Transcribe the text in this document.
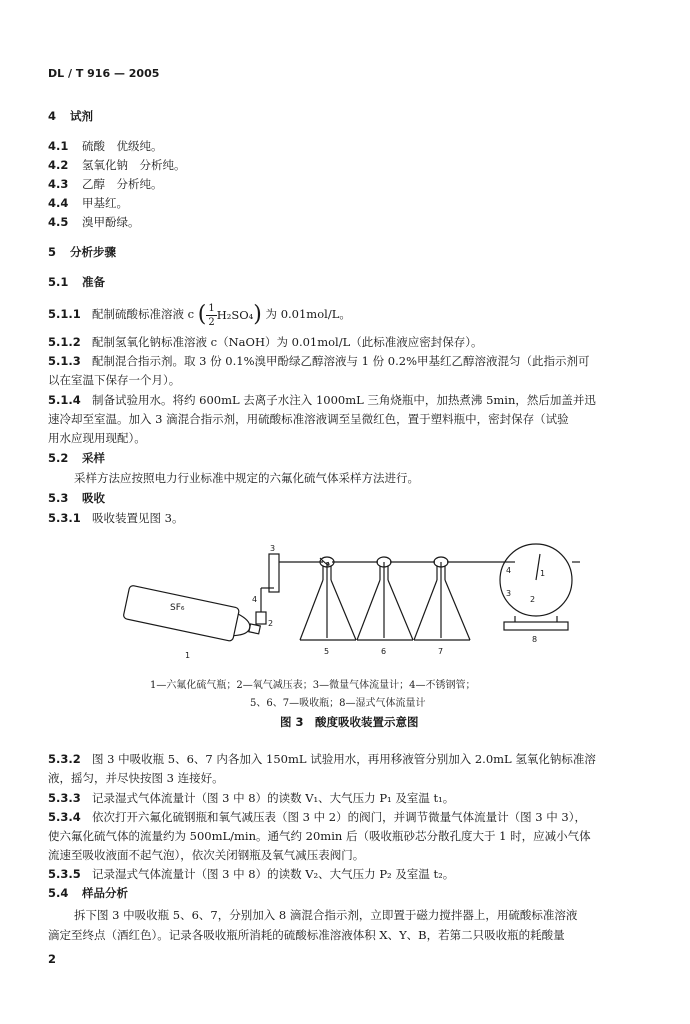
DL / T 916 — 2005
4 试剂
4.1 硫酸　优级纯。
4.2 氢氧化钠　分析纯。
4.3 乙醇　分析纯。
4.4 甲基红。
4.5 溴甲酚绿。
5 分析步骤
5.1 准备
5.1.1 配制硫酸标准溶液 c ( $\frac{1}{2} H_2SO_4$) 为 0.01mol/L。
5.1.2 配制氢氧化钠标准溶液 c（NaOH）为 0.01mol/L（此标准液应密封保存）。
5.1.3 配制混合指示剂。取 3 份 0.1%溴甲酚绿乙醇溶液与 1 份 0.2%甲基红乙醇溶液混匀（此指示剂可
以在室温下保存一个月）。
5.1.4 制备试验用水。将约 600mL 去离子水注入 1000mL 三角烧瓶中，加热煮沸 5min，然后加盖并迅
速冷却至室温。加入 3 滴混合指示剂，用硫酸标准溶液调至呈微红色，置于塑料瓶中，密封保存（试验
用水应现用现配）。
5.2 采样
采样方法应按照电力行业标准中规定的六氟化硫气体采样方法进行。
5.3 吸收
5.3.1 吸收装置见图 3。
SF₆
1
2
3
4
5	6	7
8
1
2
3
4
1—六氟化硫气瓶；2—氧气减压表；3—微量气体流量计；4—不锈钢管；
5、6、7—吸收瓶；8—湿式气体流量计
图 3　酸度吸收装置示意图
5.3.2 图 3 中吸收瓶 5、6、7 内各加入 150mL 试验用水，再用移液管分别加入 2.0mL 氢氧化钠标准溶
液，摇匀，并尽快按图 3 连接好。
5.3.3 记录湿式气体流量计（图 3 中 8）的读数 V₁、大气压力 P₁ 及室温 t₁。
5.3.4 依次打开六氟化硫钢瓶和氧气减压表（图 3 中 2）的阀门，并调节微量气体流量计（图 3 中 3），
使六氟化硫气体的流量约为 500mL/min。通气约 20min 后（吸收瓶砂芯分散孔度大于 1 时，应减小气体
流速至吸收液面不起气泡），依次关闭钢瓶及氧气减压表阀门。
5.3.5 记录湿式气体流量计（图 3 中 8）的读数 V₂、大气压力 P₂ 及室温 t₂。
5.4 样品分析
拆下图 3 中吸收瓶 5、6、7，分别加入 8 滴混合指示剂，立即置于磁力搅拌器上，用硫酸标准溶液
滴定至终点（酒红色）。记录各吸收瓶所消耗的硫酸标准溶液体积 X、Y、B，若第二只吸收瓶的耗酸量
2
